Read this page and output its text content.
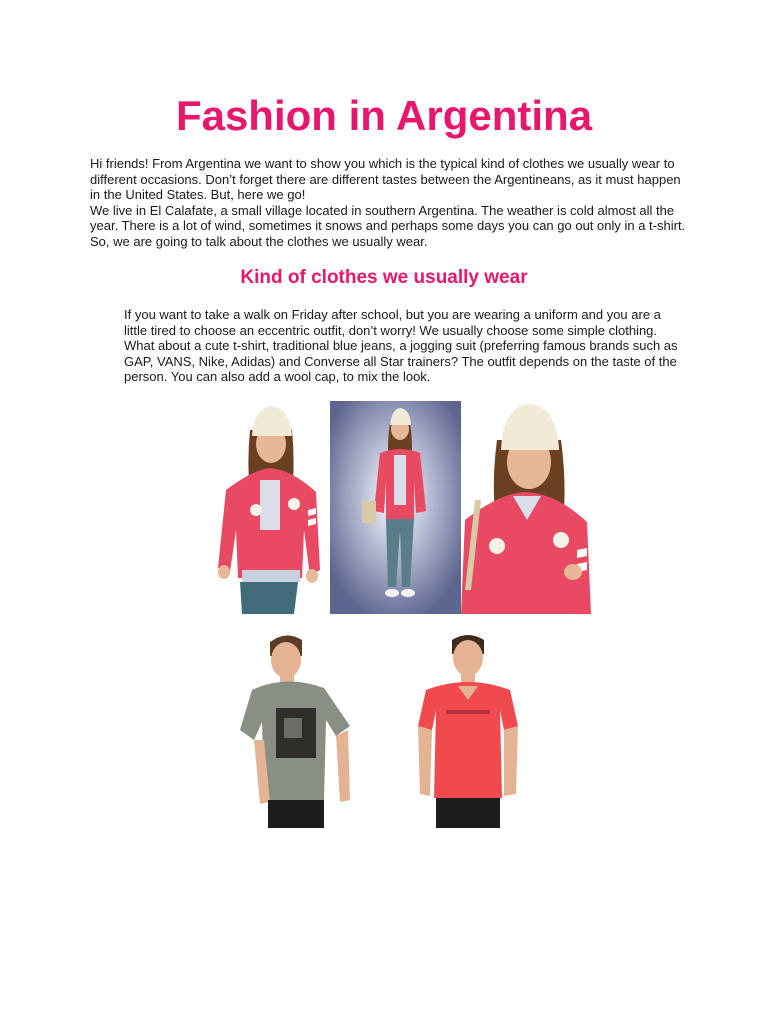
Fashion in Argentina

Hi friends! From Argentina we want to show you which is the typical kind of clothes we usually wear to different occasions. Don’t forget there are different tastes between the Argentineans, as it must happen in the United States. But, here we go!

We live in El Calafate, a small village located in southern Argentina. The weather is cold almost all the year. There is a lot of wind, sometimes it snows and perhaps some days you can go out only in a t-shirt. So, we are going to talk about the clothes we usually wear.

Kind of clothes we usually wear

If you want to take a walk on Friday after school, but you are wearing a uniform and you are a little tired to choose an eccentric outfit, don’t worry! We usually choose some simple clothing. What about a cute t-shirt, traditional blue jeans, a jogging suit (preferring famous brands such as GAP, VANS, Nike, Adidas) and Converse all Star trainers? The outfit depends on the taste of the person. You can also add a wool cap, to mix the look.
